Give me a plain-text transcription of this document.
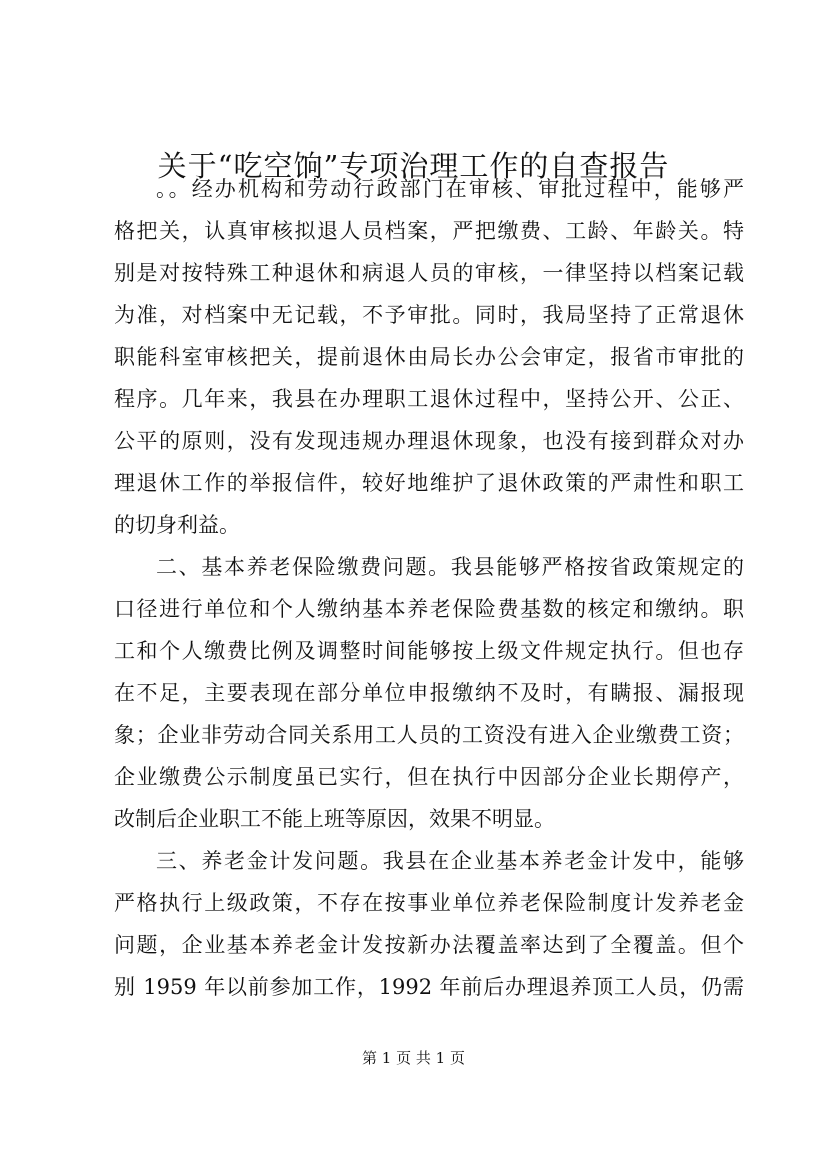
关于“吃空饷”专项治理工作的自查报告
。。经办机构和劳动行政部门在审核、审批过程中，能够严
格把关，认真审核拟退人员档案，严把缴费、工龄、年龄关。特
别是对按特殊工种退休和病退人员的审核，一律坚持以档案记载
为准，对档案中无记载，不予审批。同时，我局坚持了正常退休
职能科室审核把关，提前退休由局长办公会审定，报省市审批的
程序。几年来，我县在办理职工退休过程中，坚持公开、公正、
公平的原则，没有发现违规办理退休现象，也没有接到群众对办
理退休工作的举报信件，较好地维护了退休政策的严肃性和职工
的切身利益。
二、基本养老保险缴费问题。我县能够严格按省政策规定的
口径进行单位和个人缴纳基本养老保险费基数的核定和缴纳。职
工和个人缴费比例及调整时间能够按上级文件规定执行。但也存
在不足，主要表现在部分单位申报缴纳不及时，有瞒报、漏报现
象；企业非劳动合同关系用工人员的工资没有进入企业缴费工资；
企业缴费公示制度虽已实行，但在执行中因部分企业长期停产，
改制后企业职工不能上班等原因，效果不明显。
三、养老金计发问题。我县在企业基本养老金计发中，能够
严格执行上级政策，不存在按事业单位养老保险制度计发养老金
问题，企业基本养老金计发按新办法覆盖率达到了全覆盖。但个
别 1959 年以前参加工作，1992 年前后办理退养顶工人员，仍需
第 1 页 共 1 页
